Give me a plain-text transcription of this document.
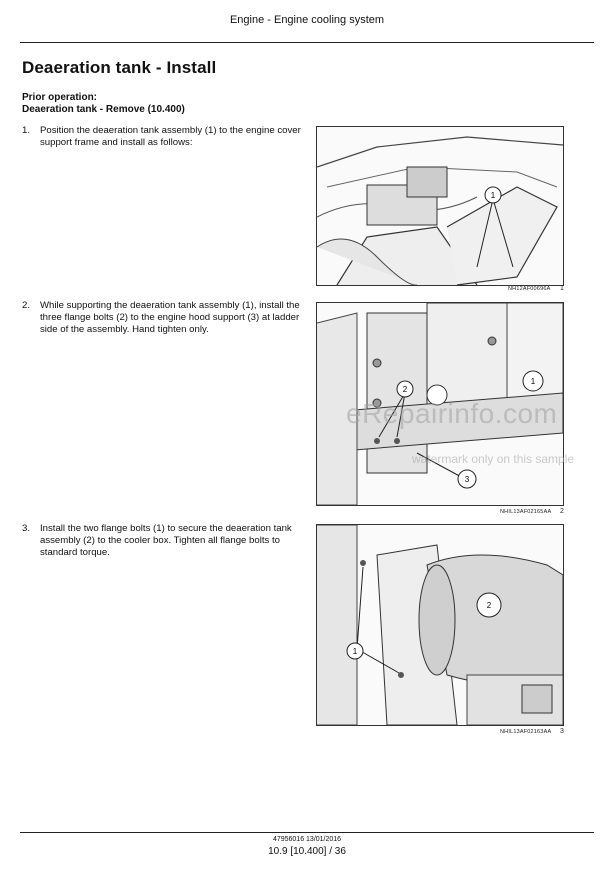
Engine - Engine cooling system
Deaeration tank - Install
Prior operation:
Deaeration tank - Remove (10.400)
1. Position the deaeration tank assembly (1) to the engine cover support frame and install as follows:
2. While supporting the deaeration tank assembly (1), install the three flange bolts (2) to the engine hood support (3) at ladder side of the assembly. Hand tighten only.
3. Install the two flange bolts (1) to secure the deaeration tank assembly (2) to the cooler box. Tighten all flange bolts to standard torque.
1
NH12AF00696A 1
1
2
3
NHIL13AF02165AA 2
2
1
NHIL13AF02163AA 3
eRepairinfo.com
watermark only on this sample
47956016 13/01/2016
10.9 [10.400] / 36
